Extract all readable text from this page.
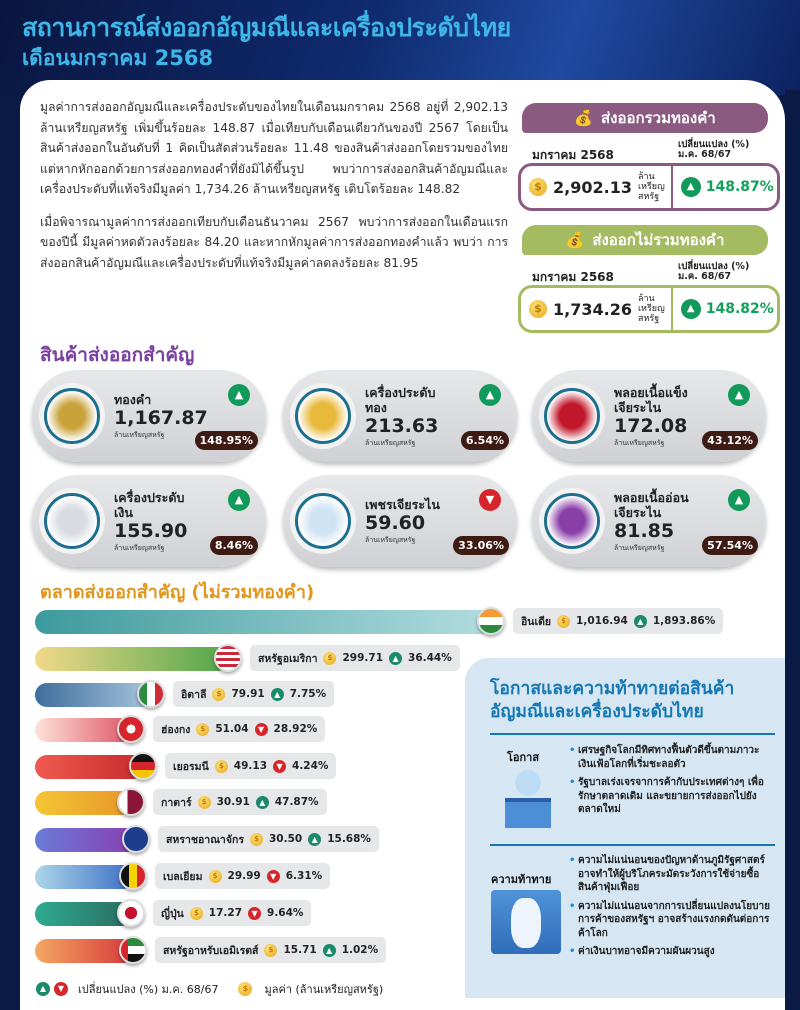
สถานการณ์ส่งออกอัญมณีและเครื่องประดับไทย
เดือนมกราคม 2568

มูลค่าการส่งออกอัญมณีและเครื่องประดับของไทยในเดือนมกราคม 2568 อยู่ที่ 2,902.13 ล้านเหรียญสหรัฐ เพิ่มขึ้นร้อยละ 148.87 เมื่อเทียบกับเดือนเดียวกันของปี 2567 โดยเป็นสินค้าส่งออกในอันดับที่ 1 คิดเป็นสัดส่วนร้อยละ 11.48 ของสินค้าส่งออกโดยรวมของไทย แต่หากหักออกด้วยการส่งออกทองคำที่ยังมิได้ขึ้นรูป พบว่าการส่งออกสินค้าอัญมณีและเครื่องประดับที่แท้จริงมีมูลค่า 1,734.26 ล้านเหรียญสหรัฐ เติบโตร้อยละ 148.82

เมื่อพิจารณามูลค่าการส่งออกเทียบกับเดือนธันวาคม 2567 พบว่าการส่งออกในเดือนแรกของปีนี้ มีมูลค่าหดตัวลงร้อยละ 84.20 และหากหักมูลค่าการส่งออกทองคำแล้ว พบว่า การส่งออกสินค้าอัญมณีและเครื่องประดับที่แท้จริงมีมูลค่าลดลงร้อยละ 81.95

💰 ส่งออกรวมทองคำ
มกราคม 2568
เปลี่ยนแปลง (%)
ม.ค. 68/67
$ 2,902.13
ล้าน
เหรียญ
สหรัฐ
▲ 148.87%
💰 ส่งออกไม่รวมทองคำ
มกราคม 2568
เปลี่ยนแปลง (%)
ม.ค. 68/67
$ 1,734.26
ล้าน
เหรียญ
สหรัฐ
▲ 148.82%
สินค้าส่งออกสำคัญ
ทองคำ
1,167.87
ล้านเหรียญสหรัฐ
▲
148.95%
เครื่องประดับทอง
213.63
ล้านเหรียญสหรัฐ
▲
6.54%
พลอยเนื้อแข็ง เจียระไน
172.08
ล้านเหรียญสหรัฐ
▲
43.12%
เครื่องประดับเงิน
155.90
ล้านเหรียญสหรัฐ
▲
8.46%
เพชรเจียระไน
59.60
ล้านเหรียญสหรัฐ
▼
33.06%
พลอยเนื้ออ่อน เจียระไน
81.85
ล้านเหรียญสหรัฐ
▲
57.54%
ตลาดส่งออกสำคัญ (ไม่รวมทองคำ)
อินเดีย	$ 1,016.94	▲ 1,893.86%
สหรัฐอเมริกา	$ 299.71	▲ 36.44%
อิตาลี	$ 79.91	▲ 7.75%
ฮ่องกง	$ 51.04	▼ 28.92%
เยอรมนี	$ 49.13	▼ 4.24%
กาตาร์	$ 30.91	▲ 47.87%
สหราชอาณาจักร	$ 30.50	▲ 15.68%
เบลเยียม	$ 29.99	▼ 6.31%
ญี่ปุ่น	$ 17.27	▼ 9.64%
สหรัฐอาหรับเอมิเรตส์	$ 15.71	▲ 1.02%
▲	▼	เปลี่ยนแปลง (%) ม.ค. 68/67	$	มูลค่า (ล้านเหรียญสหรัฐ)
โอกาสและความท้าทายต่อสินค้า
อัญมณีและเครื่องประดับไทย
โอกาส
• เศรษฐกิจโลกมีทิศทางฟื้นตัวดีขึ้นตามภาวะเงินเฟ้อโลกที่เริ่มชะลอตัว
• รัฐบาลเร่งเจรจาการค้ากับประเทศต่างๆ เพื่อรักษาตลาดเดิม และขยายการส่งออกไปยังตลาดใหม่
ความท้าทาย
• ความไม่แน่นอนของปัญหาด้านภูมิรัฐศาสตร์ อาจทำให้ผู้บริโภคระมัดระวังการใช้จ่ายซื้อสินค้าฟุ่มเฟือย
• ความไม่แน่นอนจากการเปลี่ยนแปลงนโยบายการค้าของสหรัฐฯ อาจสร้างแรงกดดันต่อการค้าโลก
• ค่าเงินบาทอาจมีความผันผวนสูง
